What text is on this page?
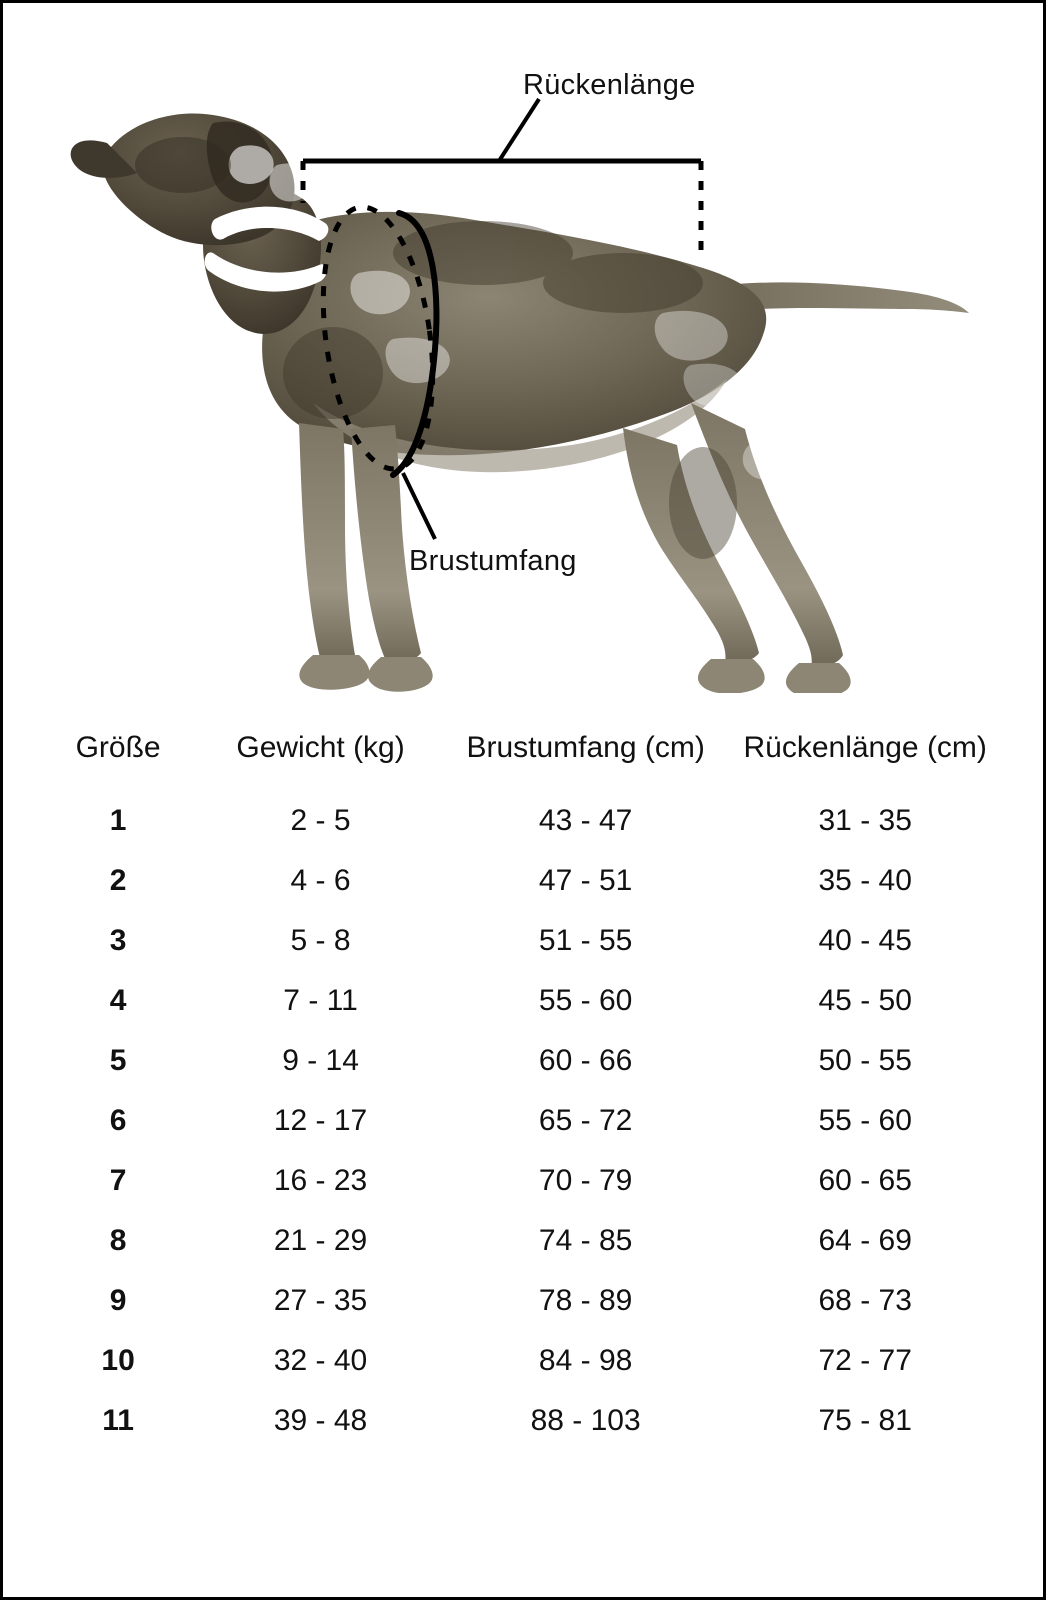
Rückenlänge
Brustumfang
Größe	Gewicht (kg)	Brustumfang (cm)	Rückenlänge (cm)
1	2 - 5	43 - 47	31 - 35
2	4 - 6	47 - 51	35 - 40
3	5 - 8	51 - 55	40 - 45
4	7 - 11	55 - 60	45 - 50
5	9 - 14	60 - 66	50 - 55
6	12 - 17	65 - 72	55 - 60
7	16 - 23	70 - 79	60 - 65
8	21 - 29	74 - 85	64 - 69
9	27 - 35	78 - 89	68 - 73
10	32 - 40	84 - 98	72 - 77
11	39 - 48	88 - 103	75 - 81
